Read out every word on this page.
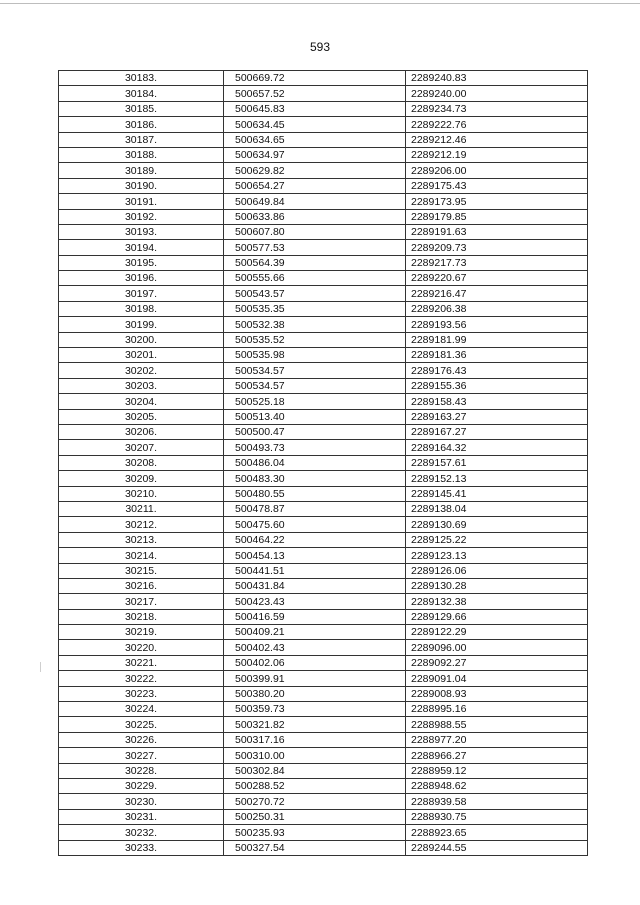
593
30183.	500669.72	2289240.83
30184.	500657.52	2289240.00
30185.	500645.83	2289234.73
30186.	500634.45	2289222.76
30187.	500634.65	2289212.46
30188.	500634.97	2289212.19
30189.	500629.82	2289206.00
30190.	500654.27	2289175.43
30191.	500649.84	2289173.95
30192.	500633.86	2289179.85
30193.	500607.80	2289191.63
30194.	500577.53	2289209.73
30195.	500564.39	2289217.73
30196.	500555.66	2289220.67
30197.	500543.57	2289216.47
30198.	500535.35	2289206.38
30199.	500532.38	2289193.56
30200.	500535.52	2289181.99
30201.	500535.98	2289181.36
30202.	500534.57	2289176.43
30203.	500534.57	2289155.36
30204.	500525.18	2289158.43
30205.	500513.40	2289163.27
30206.	500500.47	2289167.27
30207.	500493.73	2289164.32
30208.	500486.04	2289157.61
30209.	500483.30	2289152.13
30210.	500480.55	2289145.41
30211.	500478.87	2289138.04
30212.	500475.60	2289130.69
30213.	500464.22	2289125.22
30214.	500454.13	2289123.13
30215.	500441.51	2289126.06
30216.	500431.84	2289130.28
30217.	500423.43	2289132.38
30218.	500416.59	2289129.66
30219.	500409.21	2289122.29
30220.	500402.43	2289096.00
30221.	500402.06	2289092.27
30222.	500399.91	2289091.04
30223.	500380.20	2289008.93
30224.	500359.73	2288995.16
30225.	500321.82	2288988.55
30226.	500317.16	2288977.20
30227.	500310.00	2288966.27
30228.	500302.84	2288959.12
30229.	500288.52	2288948.62
30230.	500270.72	2288939.58
30231.	500250.31	2288930.75
30232.	500235.93	2288923.65
30233.	500327.54	2289244.55
